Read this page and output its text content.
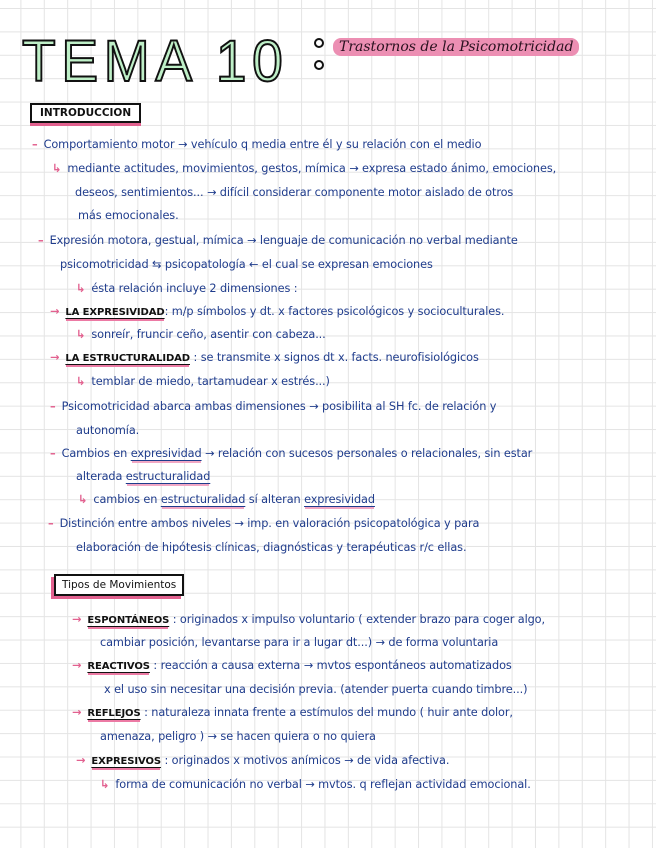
TEMA 10	Trastornos de la Psicomotricidad
INTRODUCCION
Tipos de Movimientos
– Comportamiento motor → vehículo q media entre él y su relación con el medio
↳ mediante actitudes, movimientos, gestos, mímica → expresa estado ánimo, emociones,
deseos, sentimientos... → difícil considerar componente motor aislado de otros
más emocionales.
– Expresión motora, gestual, mímica → lenguaje de comunicación no verbal mediante
psicomotricidad ⇆ psicopatología ← el cual se expresan emociones
↳ ésta relación incluye 2 dimensiones :
→ LA EXPRESIVIDAD: m/p símbolos y dt. x factores psicológicos y socioculturales.
↳ sonreír, fruncir ceño, asentir con cabeza...
→ LA ESTRUCTURALIDAD : se transmite x signos dt x. facts. neurofisiológicos
↳ temblar de miedo, tartamudear x estrés...)
– Psicomotricidad abarca ambas dimensiones → posibilita al SH fc. de relación y
autonomía.
– Cambios en expresividad → relación con sucesos personales o relacionales, sin estar
alterada estructuralidad
↳ cambios en estructuralidad sí alteran expresividad
– Distinción entre ambos niveles → imp. en valoración psicopatológica y para
elaboración de hipótesis clínicas, diagnósticas y terapéuticas r/c ellas.
→ ESPONTÁNEOS : originados x impulso voluntario ( extender brazo para coger algo,
cambiar posición, levantarse para ir a lugar dt...) → de forma voluntaria
→ REACTIVOS : reacción a causa externa → mvtos espontáneos automatizados
x el uso sin necesitar una decisión previa. (atender puerta cuando timbre...)
→ REFLEJOS : naturaleza innata frente a estímulos del mundo ( huir ante dolor,
amenaza, peligro ) → se hacen quiera o no quiera
→ EXPRESIVOS : originados x motivos anímicos → de vida afectiva.
↳ forma de comunicación no verbal → mvtos. q reflejan actividad emocional.
